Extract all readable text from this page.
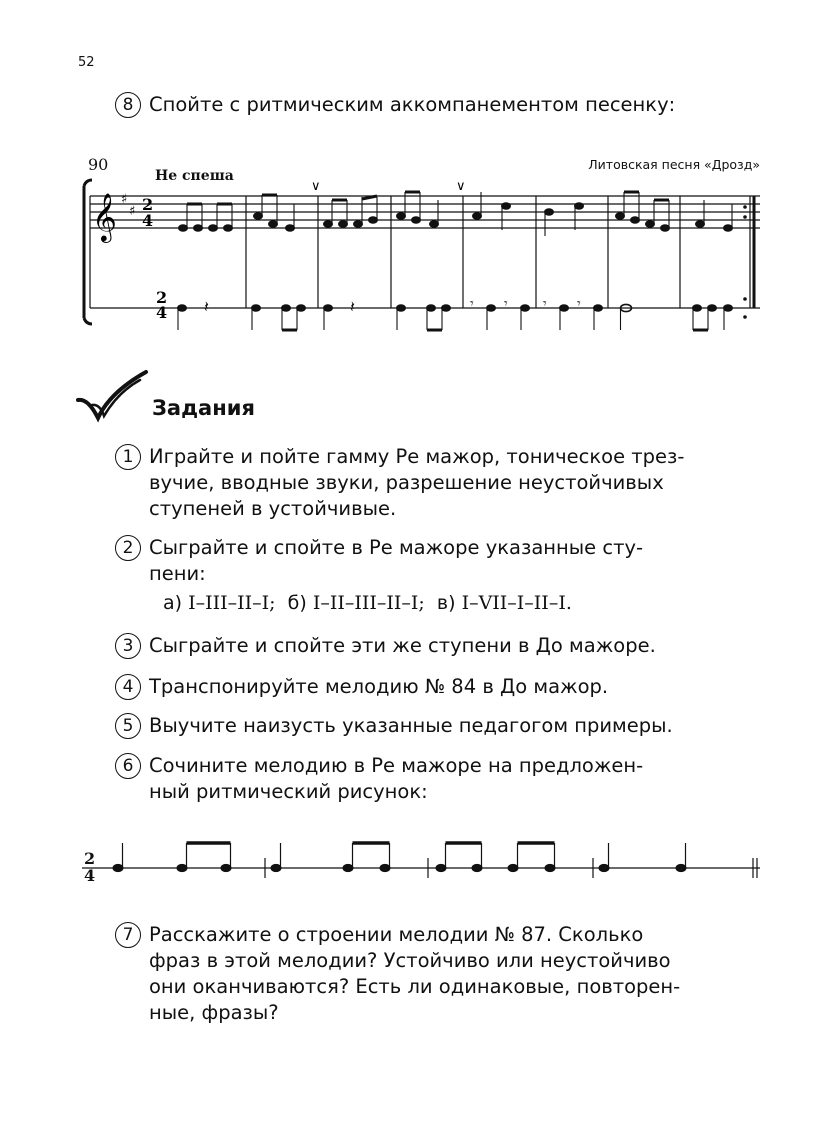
52
8 Спойте с ритмическим аккомпанементом песенку:
90
Не спеша
Литовская песня «Дрозд»
𝄞 ♯
♯ 2
4
2
4
∨	∨
𝄽	𝄽	𝄾 𝄾	𝄾 𝄾
2
4
Задания
1 Играйте и пойте гамму Ре мажор, тоническое трез-
вучие, вводные звуки, разрешение неустойчивых
ступеней в устойчивые.
2 Сыграйте и спойте в Ре мажоре указанные сту-
пени:
а) I–III–II–I; б) I–II–III–II–I; в) I–VII–I–II–I.
3 Сыграйте и спойте эти же ступени в До мажоре.
4 Транспонируйте мелодию № 84 в До мажор.
5 Выучите наизусть указанные педагогом примеры.
6 Сочините мелодию в Ре мажоре на предложен-
ный ритмический рисунок:
7 Расскажите о строении мелодии № 87. Сколько
фраз в этой мелодии? Устойчиво или неустойчиво
они оканчиваются? Есть ли одинаковые, повторен-
ные, фразы?
